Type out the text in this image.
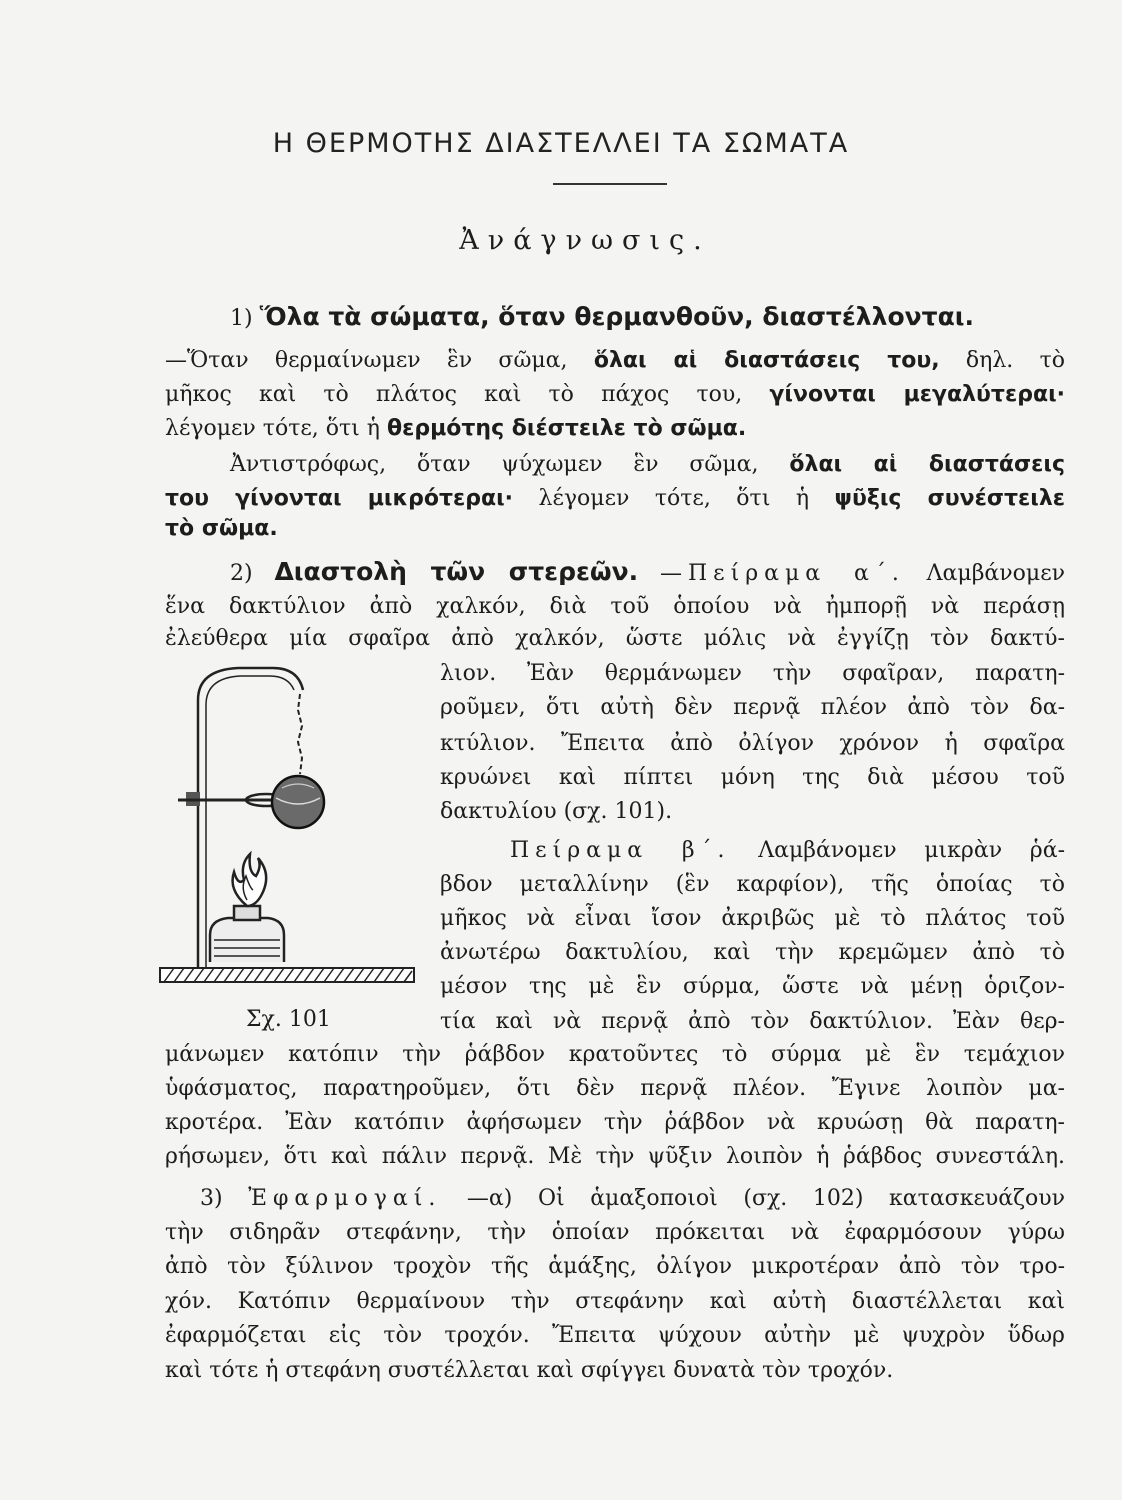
Η ΘΕΡΜΟΤΗΣ ΔΙΑΣΤΕΛΛΕΙ ΤΑ ΣΩΜΑΤΑ
Ἀνάγνωσις.
1) Ὅλα τὰ σώματα, ὅταν θερμανθοῦν, διαστέλλονται.
—Ὅταν θερμαίνωμεν ἓν σῶμα, ὅλαι αἱ διαστάσεις του, δηλ. τὸ
μῆκος καὶ τὸ πλάτος καὶ τὸ πάχος του, γίνονται μεγαλύτεραι·
λέγομεν τότε, ὅτι ἡ θερμότης διέστειλε τὸ σῶμα.
Ἀντιστρόφως, ὅταν ψύχωμεν ἓν σῶμα, ὅλαι αἱ διαστάσεις
του γίνονται μικρότεραι· λέγομεν τότε, ὅτι ἡ ψῦξις συνέστειλε
τὸ σῶμα.
2) Διαστολὴ τῶν στερεῶν. —Πείραμα α΄. Λαμβάνομεν
ἕνα δακτύλιον ἀπὸ χαλκόν, διὰ τοῦ ὁποίου νὰ ἠμπορῇ νὰ περάσῃ
ἐλεύθερα μία σφαῖρα ἀπὸ χαλκόν, ὥστε μόλις νὰ ἐγγίζῃ τὸν δακτύ-
λιον. Ἐὰν θερμάνωμεν τὴν σφαῖραν, παρατη-
ροῦμεν, ὅτι αὐτὴ δὲν περνᾷ πλέον ἀπὸ τὸν δα-
κτύλιον. Ἔπειτα ἀπὸ ὀλίγον χρόνον ἡ σφαῖρα
κρυώνει καὶ πίπτει μόνη της διὰ μέσου τοῦ
δακτυλίου (σχ. 101).
Πείραμα β΄. Λαμβάνομεν μικρὰν ῥά-
βδον μεταλλίνην (ἓν καρφίον), τῆς ὁποίας τὸ
μῆκος νὰ εἶναι ἴσον ἀκριβῶς μὲ τὸ πλάτος τοῦ
ἀνωτέρω δακτυλίου, καὶ τὴν κρεμῶμεν ἀπὸ τὸ
μέσον της μὲ ἓν σύρμα, ὥστε νὰ μένῃ ὁριζον-
τία καὶ νὰ περνᾷ ἀπὸ τὸν δακτύλιον. Ἐὰν θερ-
μάνωμεν κατόπιν τὴν ῥάβδον κρατοῦντες τὸ σύρμα μὲ ἓν τεμάχιον
ὑφάσματος, παρατηροῦμεν, ὅτι δὲν περνᾷ πλέον. Ἔγινε λοιπὸν μα-
κροτέρα. Ἐὰν κατόπιν ἀφήσωμεν τὴν ῥάβδον νὰ κρυώσῃ θὰ παρατη-
ρήσωμεν, ὅτι καὶ πάλιν περνᾷ. Μὲ τὴν ψῦξιν λοιπὸν ἡ ῥάβδος συνεστάλη.
Σχ. 101
3) Ἐφαρμογαί. —α) Οἱ ἁμαξοποιοὶ (σχ. 102) κατασκευάζουν
τὴν σιδηρᾶν στεφάνην, τὴν ὁποίαν πρόκειται νὰ ἐφαρμόσουν γύρω
ἀπὸ τὸν ξύλινον τροχὸν τῆς ἁμάξης, ὀλίγον μικροτέραν ἀπὸ τὸν τρο-
χόν. Κατόπιν θερμαίνουν τὴν στεφάνην καὶ αὐτὴ διαστέλλεται καὶ
ἐφαρμόζεται εἰς τὸν τροχόν. Ἔπειτα ψύχουν αὐτὴν μὲ ψυχρὸν ὕδωρ
καὶ τότε ἡ στεφάνη συστέλλεται καὶ σφίγγει δυνατὰ τὸν τροχόν.
